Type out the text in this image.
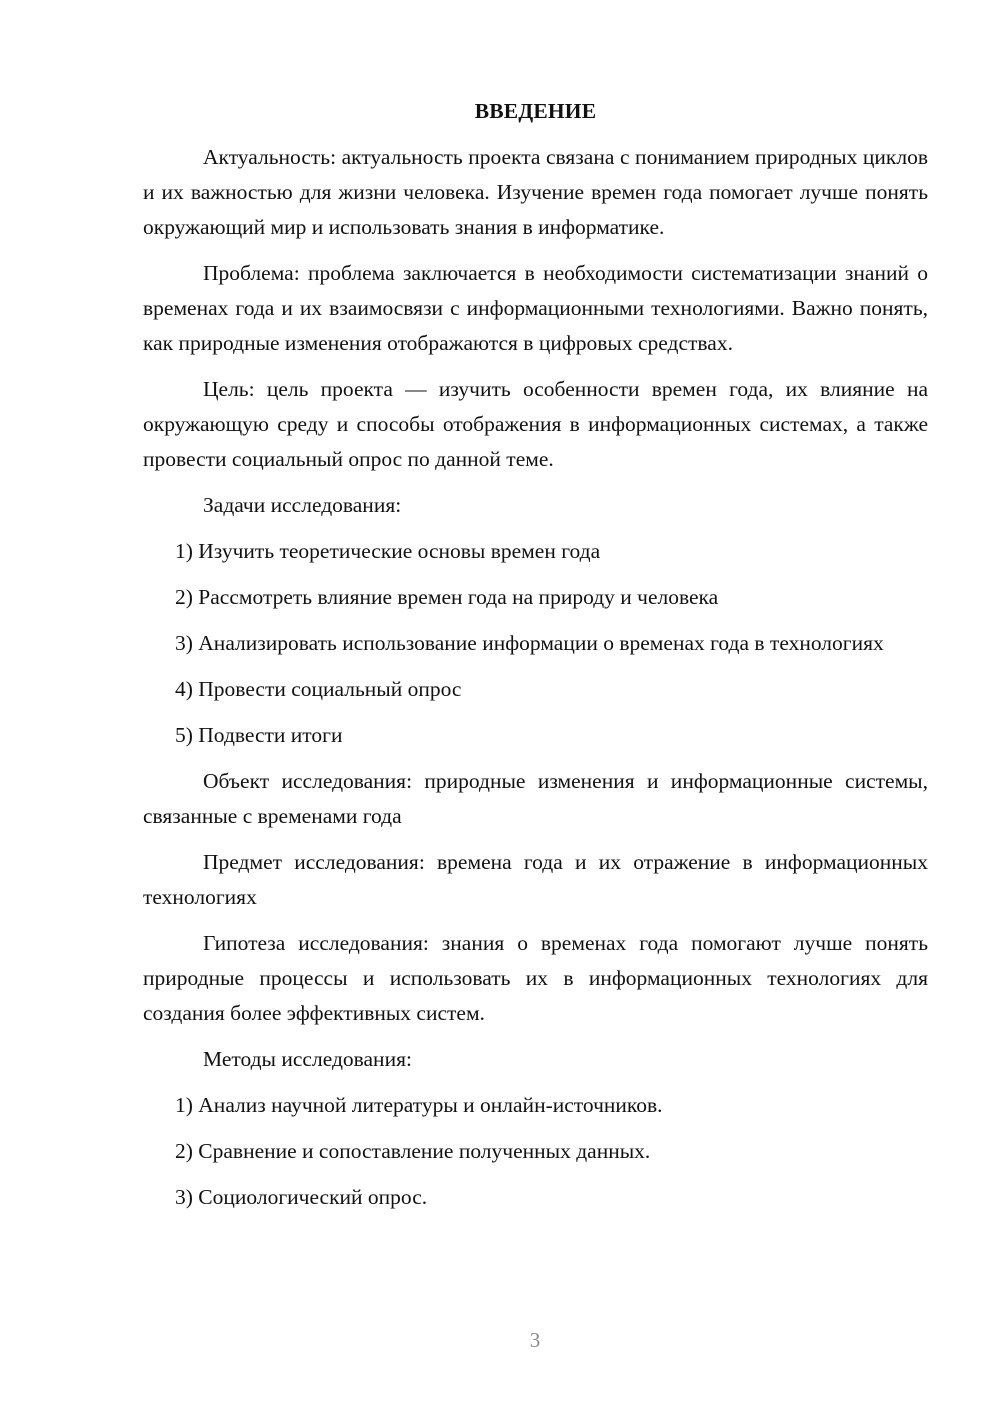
ВВЕДЕНИЕ

Актуальность: актуальность проекта связана с пониманием природных циклов и их важностью для жизни человека. Изучение времен года помогает лучше понять окружающий мир и использовать знания в информатике.

Проблема: проблема заключается в необходимости систематизации знаний о временах года и их взаимосвязи с информационными технологиями. Важно понять, как природные изменения отображаются в цифровых средствах.

Цель: цель проекта — изучить особенности времен года, их влияние на окружающую среду и способы отображения в информационных системах, а также провести социальный опрос по данной теме.

Задачи исследования:

1) Изучить теоретические основы времен года

2) Рассмотреть влияние времен года на природу и человека

3) Анализировать использование информации о временах года в технологиях

4) Провести социальный опрос

5) Подвести итоги

Объект исследования: природные изменения и информационные системы, связанные с временами года

Предмет исследования: времена года и их отражение в информационных технологиях

Гипотеза исследования: знания о временах года помогают лучше понять природные процессы и использовать их в информационных технологиях для создания более эффективных систем.

Методы исследования:

1) Анализ научной литературы и онлайн-источников.

2) Сравнение и сопоставление полученных данных.

3) Социологический опрос.

3
